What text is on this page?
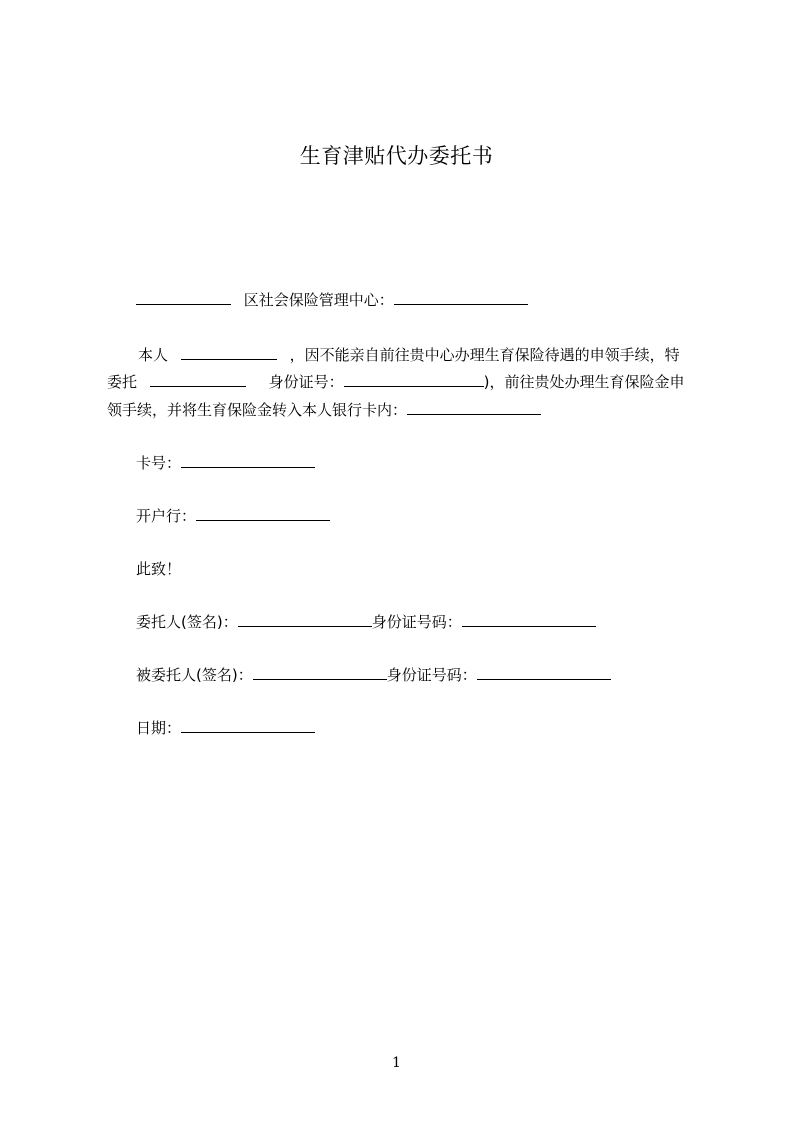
生育津贴代办委托书
区社会保险管理中心：
本人	，因不能亲自前往贵中心办理生育保险待遇的申领手续，特
委托	身份证号：	)，前往贵处办理生育保险金申
领手续，并将生育保险金转入本人银行卡内：
卡号：
开户行：
此致！
委托人(签名)：	身份证号码：
被委托人(签名)：	身份证号码：
日期：
1
